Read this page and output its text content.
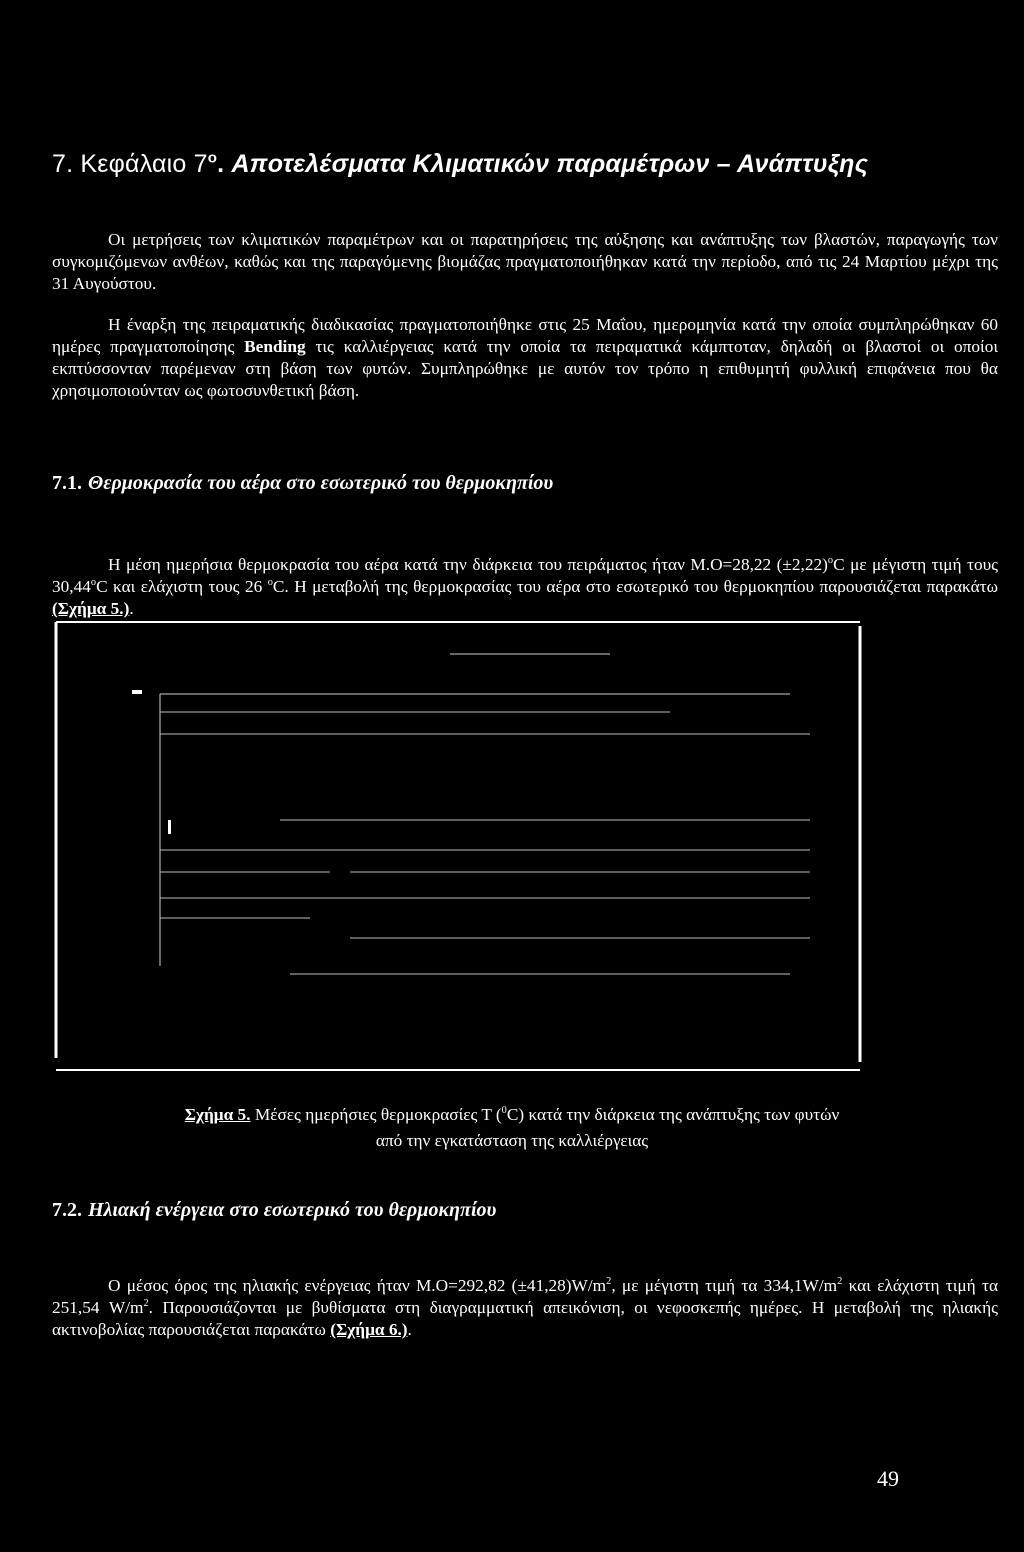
7. Κεφάλαιο $7^o$. Αποτελέσματα Κλιματικών παραμέτρων – Ανάπτυξης

Οι μετρήσεις των κλιματικών παραμέτρων και οι παρατηρήσεις της αύξησης και ανάπτυξης των βλαστών, παραγωγής των συγκομιζόμενων ανθέων, καθώς και της παραγόμενης βιομάζας πραγματοποιήθηκαν κατά την περίοδο, από τις 24 Μαρτίου μέχρι της 31 Αυγούστου.

Η έναρξη της πειραματικής διαδικασίας πραγματοποιήθηκε στις 25 Μαΐου, ημερομηνία κατά την οποία συμπληρώθηκαν 60 ημέρες πραγματοποίησης Bending τις καλλιέργειας κατά την οποία τα πειραματικά κάμπτοταν, δηλαδή οι βλαστοί οι οποίοι εκπτύσσονταν παρέμεναν στη βάση των φυτών. Συμπληρώθηκε με αυτόν τον τρόπο η επιθυμητή φυλλική επιφάνεια που θα χρησιμοποιούνταν ως φωτοσυνθετική βάση.

7.1. Θερμοκρασία του αέρα στο εσωτερικό του θερμοκηπίου

Η μέση ημερήσια θερμοκρασία του αέρα κατά την διάρκεια του πειράματος ήταν Μ.Ο=28,22 $(\pm 2,22)^oC$ με μέγιστη τιμή τους 30,44$^o$C και ελάχιστη τους 26 $^o$C. Η μεταβολή της θερμοκρασίας του αέρα στο εσωτερικό του θερμοκηπίου παρουσιάζεται παρακάτω (Σχήμα 5.).

Σχήμα 5. Μέσες ημερήσιες θερμοκρασίες Τ ($^0$C) κατά την διάρκεια της ανάπτυξης των φυτών
από την εγκατάσταση της καλλιέργειας
7.2. Ηλιακή ενέργεια στο εσωτερικό του θερμοκηπίου

Ο μέσος όρος της ηλιακής ενέργειας ήταν Μ.Ο=292,82 $(\pm 41,28)W/m^2$, με μέγιστη τιμή τα $334,1W/m^2$ και ελάχιστη τιμή τα 251,54 $W/m^2$. Παρουσιάζονται με βυθίσματα στη διαγραμματική απεικόνιση, οι νεφοσκεπής ημέρες. Η μεταβολή της ηλιακής ακτινοβολίας παρουσιάζεται παρακάτω (Σχήμα 6.).

49
